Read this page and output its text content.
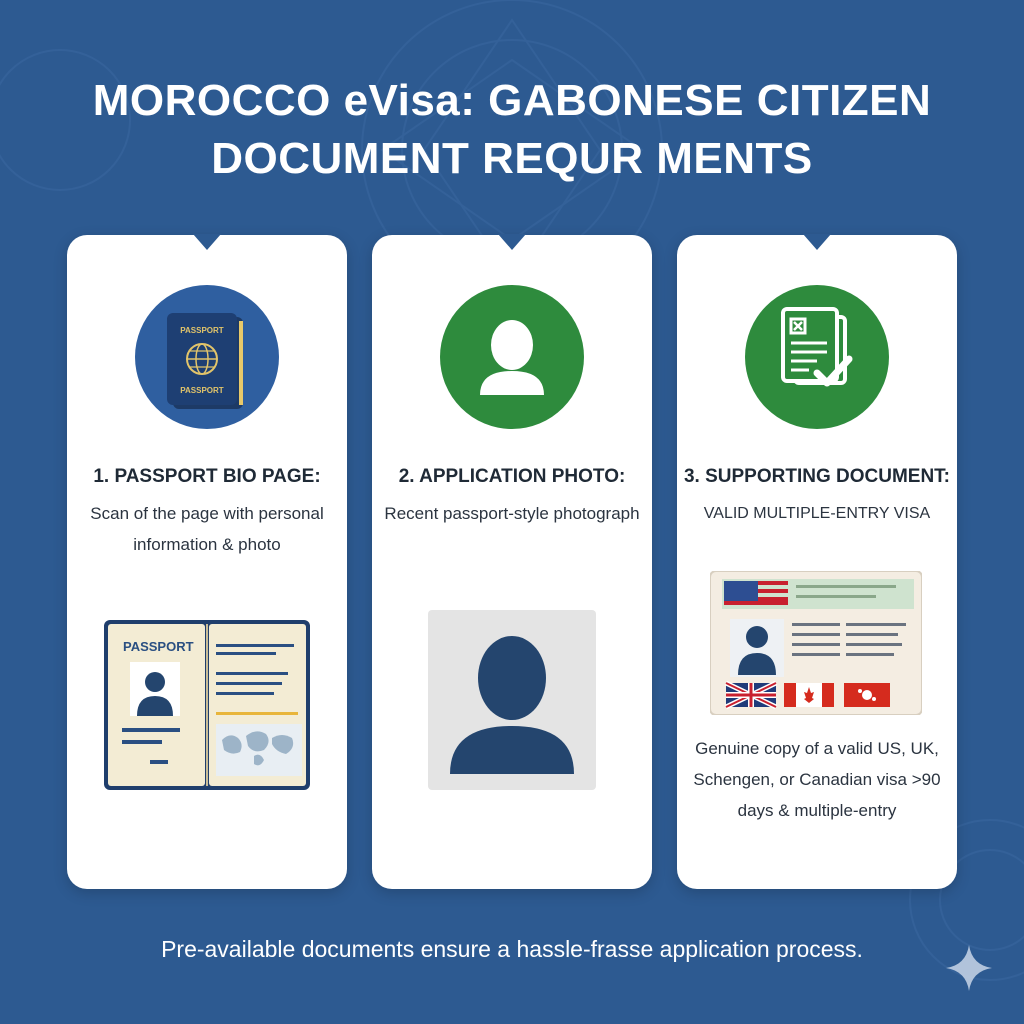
MOROCCO eVisa: GABONESE CITIZEN
DOCUMENT REQUR MENTS
PASSPORT
PASSPORT
1. PASSPORT BIO PAGE:
Scan of the page with personal information & photo
PASSPORT
2. APPLICATION PHOTO:
Recent passport-style photograph
3. SUPPORTING DOCUMENT:
VALID MULTIPLE-ENTRY VISA
Genuine copy of a valid US, UK, Schengen, or Canadian visa >90 days & multiple-entry
Pre-available documents ensure a hassle-frasse application process.
